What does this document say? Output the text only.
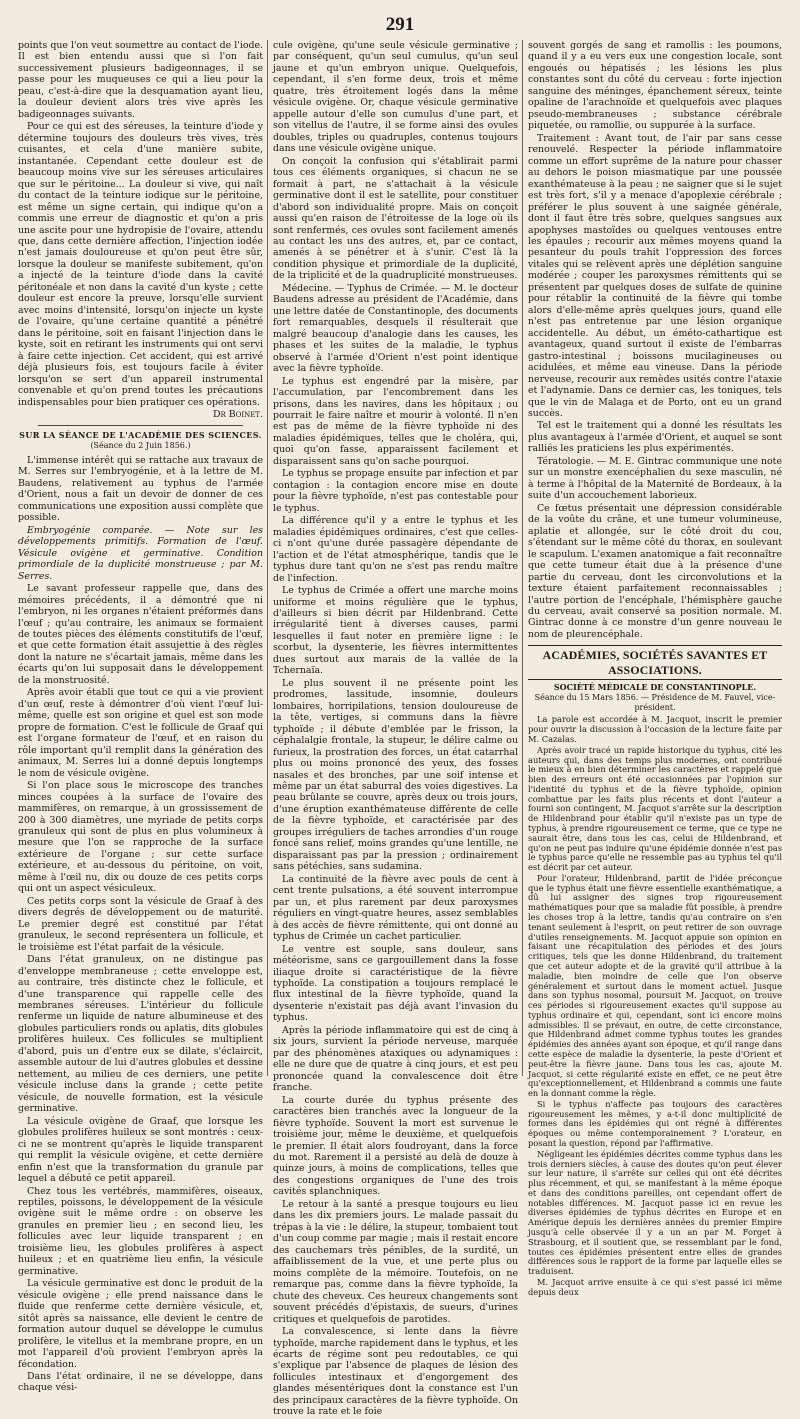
291

points que l'on veut soumettre au contact de l'iode. Il est bien entendu aussi que si l'on fait successivement plusieurs badigeonnages, il se passe pour les muqueuses ce qui a lieu pour la peau, c'est-à-dire que la desquamation ayant lieu, la douleur devient alors très vive après les badigeonnages suivants.

Pour ce qui est des séreuses, la teinture d'iode y détermine toujours des douleurs très vives, très cuisantes, et cela d'une manière subite, instantanée. Cependant cette douleur est de beaucoup moins vive sur les séreuses articulaires que sur le péritoine... La douleur si vive, qui naît du contact de la teinture iodique sur le péritoine, est même un signe certain, qui indique qu'on a commis une erreur de diagnostic et qu'on a pris une ascite pour une hydropisie de l'ovaire, attendu que, dans cette dernière affection, l'injection iodée n'est jamais douloureuse et qu'on peut être sûr, lorsque la douleur se manifeste subitement, qu'on a injecté de la teinture d'iode dans la cavité péritonéale et non dans la cavité d'un kyste ; cette douleur est encore la preuve, lorsqu'elle survient avec moins d'intensité, lorsqu'on injecte un kyste de l'ovaire, qu'une certaine quantité a pénétré dans le péritoine, soit en faisant l'injection dans le kyste, soit en retirant les instruments qui ont servi à faire cette injection. Cet accident, qui est arrivé déjà plusieurs fois, est toujours facile à éviter lorsqu'on se sert d'un appareil instrumental convenable et qu'on prend toutes les précautions indispensables pour bien pratiquer ces opérations.

Dr Boinet.

SUR LA SÉANCE DE L'ACADÉMIE DES SCIENCES.
(Séance du 2 Juin 1856.)

L'immense intérêt qui se rattache aux travaux de M. Serres sur l'embryogénie, et à la lettre de M. Baudens, relativement au typhus de l'armée d'Orient, nous a fait un devoir de donner de ces communications une exposition aussi complète que possible.

Embryogénie comparée. — Note sur les développements primitifs. Formation de l'œuf. Vésicule ovigène et germinative. Condition primordiale de la duplicité monstrueuse ; par M. Serres.

Le savant professeur rappelle que, dans des mémoires précédents, il a démontré que ni l'embryon, ni les organes n'étaient préformés dans l'œuf ; qu'au contraire, les animaux se formaient de toutes pièces des éléments constitutifs de l'œuf, et que cette formation était assujettie à des règles dont la nature ne s'écartait jamais, même dans les écarts qu'on lui supposait dans le développement de la monstruosité.

Après avoir établi que tout ce qui a vie provient d'un œuf, reste à démontrer d'où vient l'œuf lui-même, quelle est son origine et quel est son mode propre de formation. C'est le follicule de Graaf qui est l'organe formateur de l'œuf, et en raison du rôle important qu'il remplit dans la génération des animaux, M. Serres lui a donné depuis longtemps le nom de vésicule ovigène.

Si l'on place sous le microscope des tranches minces coupées à la surface de l'ovaire des mammifères, on remarque, à un grossissement de 200 à 300 diamètres, une myriade de petits corps granuleux qui sont de plus en plus volumineux à mesure que l'on se rapproche de la surface extérieure de l'organe ; sur cette surface extérieure, et au-dessous du péritoine, on voit, même à l'œil nu, dix ou douze de ces petits corps qui ont un aspect vésiculeux.

Ces petits corps sont la vésicule de Graaf à des divers degrés de développement ou de maturité. Le premier degré est constitué par l'état granuleux, le second représentera un follicule, et le troisième est l'état parfait de la vésicule.

Dans l'état granuleux, on ne distingue pas d'enveloppe membraneuse ; cette enveloppe est, au contraire, très distincte chez le follicule, et d'une transparence qui rappelle celle des membranes séreuses. L'intérieur du follicule renferme un liquide de nature albumineuse et des globules particuliers ronds ou aplatis, dits globules prolifères huileux. Ces follicules se multiplient d'abord, puis un d'entre eux se dilate, s'éclaircit, assemble autour de lui d'autres globules et dessine nettement, au milieu de ces derniers, une petite vésicule incluse dans la grande ; cette petite vésicule, de nouvelle formation, est la vésicule germinative.

La vésicule ovigène de Graaf, que lorsque les globules prolifères huileux se sont montrés : ceux-ci ne se montrent qu'après le liquide transparent qui remplit la vésicule ovigène, et cette dernière enfin n'est que la transformation du granule par lequel a débuté ce petit appareil.

Chez tous les vertébrés, mammifères, oiseaux, reptiles, poissons, le développement de la vésicule ovigène suit le même ordre : on observe les granules en premier lieu ; en second lieu, les follicules avec leur liquide transparent ; en troisième lieu, les globules prolifères à aspect huileux ; et en quatrième lieu enfin, la vésicule germinative.

La vésicule germinative est donc le produit de la vésicule ovigène ; elle prend naissance dans le fluide que renferme cette dernière vésicule, et, sitôt après sa naissance, elle devient le centre de formation autour duquel se développe le cumulus prolifère, le vitellus et la membrane propre, en un mot l'appareil d'où provient l'embryon après la fécondation.

Dans l'état ordinaire, il ne se développe, dans chaque vési-

cule ovigène, qu'une seule vésicule germinative ; par conséquent, qu'un seul cumulus, qu'un seul jaune et qu'un embryon unique. Quelquefois, cependant, il s'en forme deux, trois et même quatre, très étroitement logés dans la même vésicule ovigène. Or, chaque vésicule germinative appelle autour d'elle son cumulus d'une part, et son vitellus de l'autre, il se forme ainsi des ovules doubles, triples ou quadruples, contenus toujours dans une vésicule ovigène unique.

On conçoit la confusion qui s'établirait parmi tous ces éléments organiques, si chacun ne se formait à part, ne s'attachait à la vésicule germinative dont il est le satellite, pour constituer d'abord son individualité propre. Mais on conçoit aussi qu'en raison de l'étroitesse de la loge où ils sont renfermés, ces ovules sont facilement amenés au contact les uns des autres, et, par ce contact, amenés à se pénétrer et à s'unir. C'est là la condition physique et primordiale de la duplicité, de la triplicité et de la quadruplicité monstrueuses.

Médecine. — Typhus de Crimée. — M. le docteur Baudens adresse au président de l'Académie, dans une lettre datée de Constantinople, des documents fort remarquables, desquels il résulterait que malgré beaucoup d'analogie dans les causes, les phases et les suites de la maladie, le typhus observé à l'armée d'Orient n'est point identique avec la fièvre typhoïde.

Le typhus est engendré par la misère, par l'accumulation, par l'encombrement dans les prisons, dans les navires, dans les hôpitaux ; ou pourrait le faire naître et mourir à volonté. Il n'en est pas de même de la fièvre typhoïde ni des maladies épidémiques, telles que le choléra, qui, quoi qu'on fasse, apparaissent facilement et disparaissent sans qu'on sache pourquoi.

Le typhus se propage ensuite par infection et par contagion : la contagion encore mise en doute pour la fièvre typhoïde, n'est pas contestable pour le typhus.

La différence qu'il y a entre le typhus et les maladies épidémiques ordinaires, c'est que celles-ci n'ont qu'une durée passagère dépendante de l'action et de l'état atmosphérique, tandis que le typhus dure tant qu'on ne s'est pas rendu maître de l'infection.

Le typhus de Crimée a offert une marche moins uniforme et moins régulière que le typhus, d'ailleurs si bien décrit par Hildenbrand. Cette irrégularité tient à diverses causes, parmi lesquelles il faut noter en première ligne : le scorbut, la dysenterie, les fièvres intermittentes dues surtout aux marais de la vallée de la Tchernaïa.

Le plus souvent il ne présente point les prodromes, lassitude, insomnie, douleurs lombaires, horripilations, tension douloureuse de la tête, vertiges, si communs dans la fièvre typhoïde ; il débute d'emblée par le frisson, la céphalalgie frontale, la stupeur, le délire calme ou furieux, la prostration des forces, un état catarrhal plus ou moins prononcé des yeux, des fosses nasales et des bronches, par une soif intense et même par un état saburral des voies digestives. La peau brûlante se couvre, après deux ou trois jours, d'une éruption exanthémateuse différente de celle de la fièvre typhoïde, et caractérisée par des groupes irréguliers de taches arrondies d'un rouge foncé sans relief, moins grandes qu'une lentille, ne disparaissant pas par la pression ; ordinairement sans pétéchies, sans sudamina.

La continuité de la fièvre avec pouls de cent à cent trente pulsations, a été souvent interrompue par un, et plus rarement par deux paroxysmes réguliers en vingt-quatre heures, assez semblables à des accès de fièvre rémittente, qui ont donné au typhus de Crimée un cachet particulier.

Le ventre est souple, sans douleur, sans météorisme, sans ce gargouillement dans la fosse iliaque droite si caractéristique de la fièvre typhoïde. La constipation a toujours remplacé le flux intestinal de la fièvre typhoïde, quand la dysenterie n'existait pas déjà avant l'invasion du typhus.

Après la période inflammatoire qui est de cinq à six jours, survient la période nerveuse, marquée par des phénomènes ataxiques ou adynamiques : elle ne dure que de quatre à cinq jours, et est peu prononcée quand la convalescence doit être franche.

La courte durée du typhus présente des caractères bien tranchés avec la longueur de la fièvre typhoïde. Souvent la mort est survenue le troisième jour, même le deuxième, et quelquefois le premier. Il était alors foudroyant, dans la force du mot. Rarement il a persisté au delà de douze à quinze jours, à moins de complications, telles que des congestions organiques de l'une des trois cavités splanchniques.

Le retour à la santé a presque toujours eu lieu dans les dix premiers jours. Le malade passait du trépas à la vie : le délire, la stupeur, tombaient tout d'un coup comme par magie ; mais il restait encore des cauchemars très pénibles, de la surdité, un affaiblissement de la vue, et une perte plus ou moins complète de la mémoire. Toutefois, on ne remarque pas, comme dans la fièvre typhoïde, la chute des cheveux. Ces heureux changements sont souvent précédés d'épistaxis, de sueurs, d'urines critiques et quelquefois de parotides.

La convalescence, si lente dans la fièvre typhoïde, marche rapidement dans le typhus, et les écarts de régime sont peu redoutables, ce qui s'explique par l'absence de plaques de lésion des follicules intestinaux et d'engorgement des glandes mésentériques dont la constance est l'un des principaux caractères de la fièvre typhoïde. On trouve la rate et le foie

souvent gorgés de sang et ramollis : les poumons, quand il y a eu vers eux une congestion locale, sont engoués ou hépatisés ; les lésions les plus constantes sont du côté du cerveau : forte injection sanguine des méninges, épanchement séreux, teinte opaline de l'arachnoïde et quelquefois avec plaques pseudo-membraneuses ; substance cérébrale piquetée, ou ramollie, ou suppurée à la surface.

Traitement : Avant tout, de l'air par sans cesse renouvelé. Respecter la période inflammatoire comme un effort suprême de la nature pour chasser au dehors le poison miasmatique par une poussée exanthémateuse à la peau ; ne saigner que si le sujet est très fort, s'il y a menace d'apoplexie cérébrale ; préférer le plus souvent à une saignée générale, dont il faut être très sobre, quelques sangsues aux apophyses mastoïdes ou quelques ventouses entre les épaules ; recourir aux mêmes moyens quand la pesanteur du pouls trahit l'oppression des forces vitales qui se relèvent après une déplétion sanguine modérée ; couper les paroxysmes rémittents qui se présentent par quelques doses de sulfate de quinine pour rétablir la continuité de la fièvre qui tombe alors d'elle-même après quelques jours, quand elle n'est pas entretenue par une lésion organique accidentelle. Au début, un éméto-cathartique est avantageux, quand surtout il existe de l'embarras gastro-intestinal ; boissons mucilagineuses ou acidulées, et même eau vineuse. Dans la période nerveuse, recourir aux remèdes usités contre l'ataxie et l'adynamie. Dans ce dernier cas, les toniques, tels que le vin de Malaga et de Porto, ont eu un grand succès.

Tel est le traitement qui a donné les résultats les plus avantageux à l'armée d'Orient, et auquel se sont ralliés les praticiens les plus expérimentés.

Tératologie. — M. E. Gintrac communique une note sur un monstre exencéphalien du sexe masculin, né à terme à l'hôpital de la Maternité de Bordeaux, à la suite d'un accouchement laborieux.

Ce fœtus présentait une dépression considérable de la voûte du crâne, et une tumeur volumineuse, aplatie et allongée, sur le côté droit du cou, s'étendant sur le même côté du thorax, en soulevant le scapulum. L'examen anatomique a fait reconnaître que cette tumeur était due à la présence d'une partie du cerveau, dont les circonvolutions et la texture étaient parfaitement reconnaissables ; l'autre portion de l'encéphale, l'hémisphère gauche du cerveau, avait conservé sa position normale. M. Gintrac donne à ce monstre d'un genre nouveau le nom de pleurencéphale.

ACADÉMIES, SOCIÉTÉS SAVANTES ET ASSOCIATIONS.
SOCIÉTÉ MÉDICALE DE CONSTANTINOPLE.
Séance du 15 Mars 1856. — Présidence de M. Fauvel, vice-président.

La parole est accordée à M. Jacquot, inscrit le premier pour ouvrir la discussion à l'occasion de la lecture faite par M. Cazalas.

Après avoir tracé un rapide historique du typhus, cité les auteurs qui, dans des temps plus modernes, ont contribué le mieux à en bien déterminer les caractères et rappelé que bien des erreurs ont été occasionnées par l'opinion sur l'identité du typhus et de la fièvre typhoïde, opinion combattue par les faits plus récents et dont l'auteur a fourni son contingent, M. Jacquot s'arrête sur la description de Hildenbrand pour établir qu'il n'existe pas un type de typhus, à prendre rigoureusement ce terme, que ce type ne saurait être, dans tous les cas, celui de Hildenbrand, et qu'on ne peut pas induire qu'une épidémie donnée n'est pas le typhus parce qu'elle ne ressemble pas au typhus tel qu'il est décrit par cet auteur.

Pour l'orateur, Hildenbrand, partit de l'idée préconçue que le typhus était une fièvre essentielle exanthématique, a dû lui assigner des signes trop rigoureusement mathématiques pour que sa maladie fût possible, à prendre les choses trop à la lettre, tandis qu'au contraire on s'en tenant seulement à l'esprit, on peut retirer de son ouvrage d'utiles renseignements. M. Jacquot appuie son opinion en faisant une récapitulation des périodes et des jours critiques, tels que les donne Hildenbrand, du traitement que cet auteur adopte et de la gravité qu'il attribue à la maladie, bien moindre de celle que l'on observe généralement et surtout dans le moment actuel. Jusque dans son typhus nosomal, poursuit M. Jacquot, on trouve ces périodes si rigoureusement exactes qu'il suppose au typhus ordinaire et qui, cependant, sont ici encore moins admissibles. Il se prévaut, en outre, de cette circonstance, que Hildenbrand admet comme typhus toutes les grandes épidémies des années ayant son époque, et qu'il range dans cette espèce de maladie la dysenterie, la peste d'Orient et peut-être la fièvre jaune. Dans tous les cas, ajoute M. Jacquot, si cette régularité existe en effet, ce ne peut être qu'exceptionnellement, et Hildenbrand a commis une faute en la donnant comme la règle.

Si le typhus n'affecte pas toujours des caractères rigoureusement les mêmes, y a-t-il donc multiplicité de formes dans les épidémies qui ont régné à différentes époques ou même contemporainement ? L'orateur, en posant la question, répond par l'affirmative.

Négligeant les épidémies décrites comme typhus dans les trois derniers siècles, à cause des doutes qu'on peut élever sur leur nature, il s'arrête sur celles qui ont été décrites plus récemment, et qui, se manifestant à la même époque et dans des conditions pareilles, ont cependant offert de notables différences. M. Jacquot passe ici en revue les diverses épidémies de typhus décrites en Europe et en Amérique depuis les dernières années du premier Empire jusqu'à celle observée il y a un an par M. Forget à Strasbourg, et il soutient que, se ressemblant par le fond, toutes ces épidémies présentent entre elles de grandes différences sous le rapport de la forme par laquelle elles se traduisent.

M. Jacquot arrive ensuite à ce qui s'est passé ici même depuis deux
